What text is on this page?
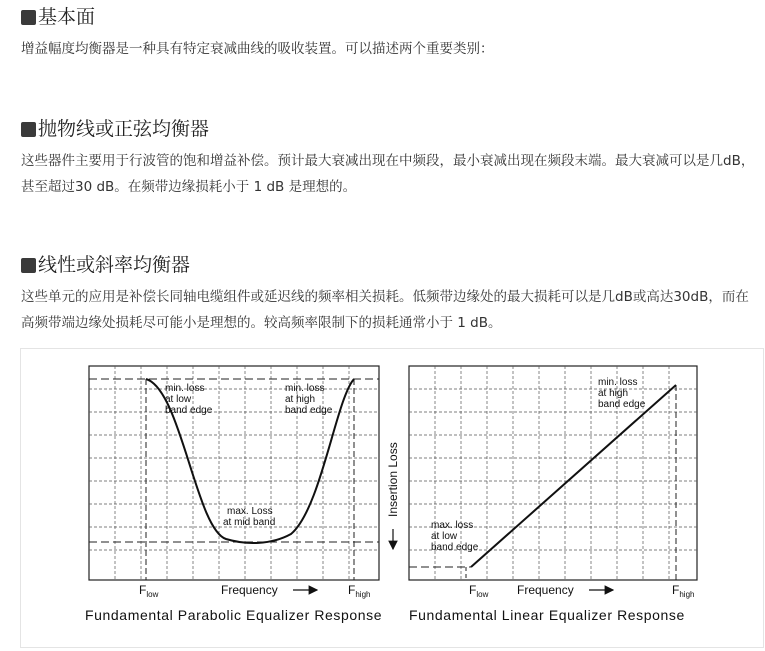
基本面
增益幅度均衡器是一种具有特定衰减曲线的吸收装置。可以描述两个重要类别：
抛物线或正弦均衡器
这些器件主要用于行波管的饱和增益补偿。预计最大衰减出现在中频段，最小衰减出现在频段末端。最大衰减可以是几dB，甚至超过30 dB。在频带边缘损耗小于 1 dB 是理想的。
线性或斜率均衡器
这些单元的应用是补偿长同轴电缆组件或延迟线的频率相关损耗。低频带边缘处的最大损耗可以是几dB或高达30dB，而在高频带端边缘处损耗尽可能小是理想的。较高频率限制下的损耗通常小于 1 dB。
min. loss
at low
band edge
min. loss
at high
band edge
max. Loss
at mid band
$F_{low}$	$F_{high}$
Frequency
Fundamental Parabolic Equalizer Response
Insertion Loss
min. loss
at high
band edge
max. loss
at low
band edge
$F_{low}$	$F_{high}$
Frequency
Fundamental Linear Equalizer Response
